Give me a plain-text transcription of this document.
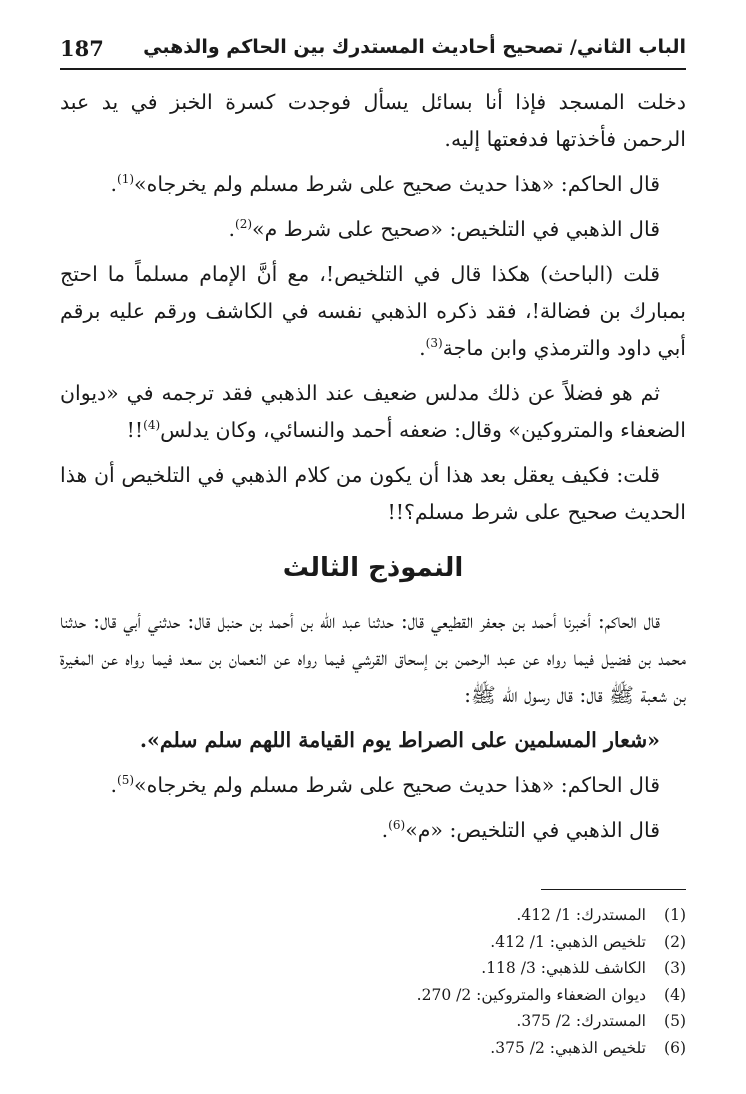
الباب الثاني/ تصحيح أحاديث المستدرك بين الحاكم والذهبي
187

دخلت المسجد فإذا أنا بسائل يسأل فوجدت كسرة الخبز في يد عبد الرحمن فأخذتها فدفعتها إليه.

قال الحاكم: «هذا حديث صحيح على شرط مسلم ولم يخرجاه»$^{(1)}$.

قال الذهبي في التلخيص: «صحيح على شرط م»$^{(2)}$.

قلت (الباحث) هكذا قال في التلخيص!، مع أنَّ الإمام مسلماً ما احتج بمبارك بن فضالة!، فقد ذكره الذهبي نفسه في الكاشف ورقم عليه برقم أبي داود والترمذي وابن ماجة$^{(3)}$.

ثم هو فضلاً عن ذلك مدلس ضعيف عند الذهبي فقد ترجمه في «ديوان الضعفاء والمتروكين» وقال: ضعفه أحمد والنسائي، وكان يدلس$^{(4)}$!!

قلت: فكيف يعقل بعد هذا أن يكون من كلام الذهبي في التلخيص أن هذا الحديث صحيح على شرط مسلم؟!!

النموذج الثالث

قال الحاكم: أخبرنا أحمد بن جعفر القطيعي قال: حدثنا عبد الله بن أحمد بن حنبل قال: حدثني أبي قال: حدثنا محمد بن فضيل فيما رواه عن عبد الرحمن بن إسحاق القرشي فيما رواه عن النعمان بن سعد فيما رواه عن المغيرة بن شعبة ﷺ قال: قال رسول الله ﷺ:

«شعار المسلمين على الصراط يوم القيامة اللهم سلم سلم».

قال الحاكم: «هذا حديث صحيح على شرط مسلم ولم يخرجاه»$^{(5)}$.

قال الذهبي في التلخيص: «م»$^{(6)}$.

(1)
المستدرك: 1/ 412.
(2)
تلخيص الذهبي: 1/ 412.
(3)
الكاشف للذهبي: 3/ 118.
(4)
ديوان الضعفاء والمتروكين: 2/ 270.
(5)
المستدرك: 2/ 375.
(6)
تلخيص الذهبي: 2/ 375.
